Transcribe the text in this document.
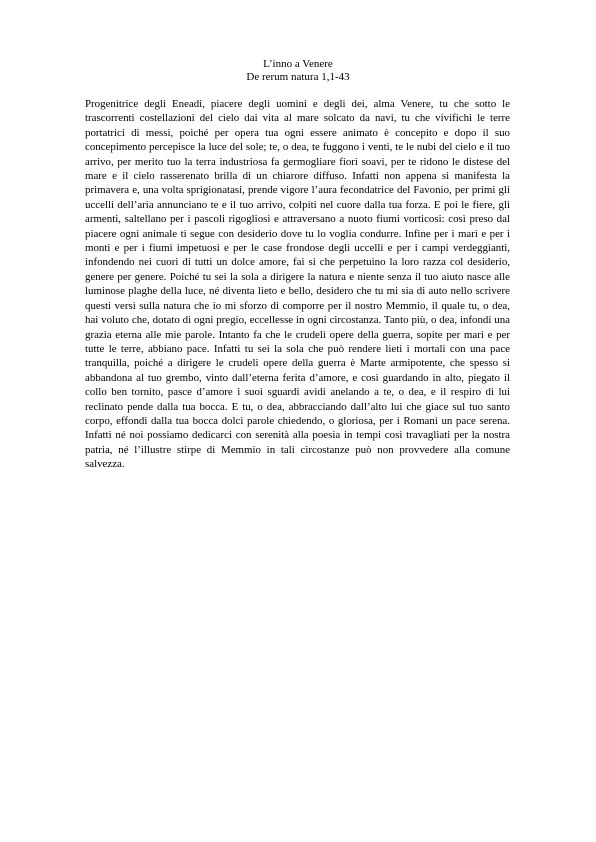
L’inno a Venere
De rerum natura 1,1-43

Progenitrice degli Eneadi, piacere degli uomini e degli dei, alma Venere, tu che sotto le trascorrenti costellazioni del cielo dai vita al mare solcato da navi, tu che vivifichi le terre portatrici di messi, poiché per opera tua ogni essere animato è concepito e dopo il suo concepimento percepisce la luce del sole; te, o dea, te fuggono i venti, te le nubi del cielo e il tuo arrivo, per merito tuo la terra industriosa fa germogliare fiori soavi, per te ridono le distese del mare e il cielo rasserenato brilla di un chiarore diffuso. Infatti non appena si manifesta la primavera e, una volta sprigionatasi, prende vigore l’aura fecondatrice del Favonio, per primi gli uccelli dell’aria annunciano te e il tuo arrivo, colpiti nel cuore dalla tua forza. E poi le fiere, gli armenti, saltellano per i pascoli rigogliosi e attraversano a nuoto fiumi vorticosi: così preso dal piacere ogni animale ti segue con desiderio dove tu lo voglia condurre. Infine per i mari e per i monti e per i fiumi impetuosi e per le case frondose degli uccelli e per i campi verdeggianti, infondendo nei cuori di tutti un dolce amore, fai si che perpetuino la loro razza col desiderio, genere per genere. Poiché tu sei la sola a dirigere la natura e niente senza il tuo aiuto nasce alle luminose plaghe della luce, né diventa lieto e bello, desidero che tu mi sia di auto nello scrivere questi versi sulla natura che io mi sforzo di comporre per il nostro Memmio, il quale tu, o dea, hai voluto che, dotato di ogni pregio, eccellesse in ogni circostanza. Tanto più, o dea, infondi una grazia eterna alle mie parole. Intanto fa che le crudeli opere della guerra, sopite per mari e per tutte le terre, abbiano pace. Infatti tu sei la sola che può rendere lieti i mortali con una pace tranquilla, poiché a dirigere le crudeli opere della guerra è Marte armipotente, che spesso si abbandona al tuo grembo, vinto dall’eterna ferita d’amore, e così guardando in alto, piegato il collo ben tornito, pasce d’amore i suoi sguardi avidi anelando a te, o dea, e il respiro di lui reclinato pende dalla tua bocca. E tu, o dea, abbracciando dall’alto lui che giace sul tuo santo corpo, effondi dalla tua bocca dolci parole chiedendo, o gloriosa, per i Romani un pace serena. Infatti né noi possiamo dedicarci con serenità alla poesia in tempi così travagliati per la nostra patria, né l’illustre stirpe di Memmio in tali circostanze può non provvedere alla comune salvezza.
